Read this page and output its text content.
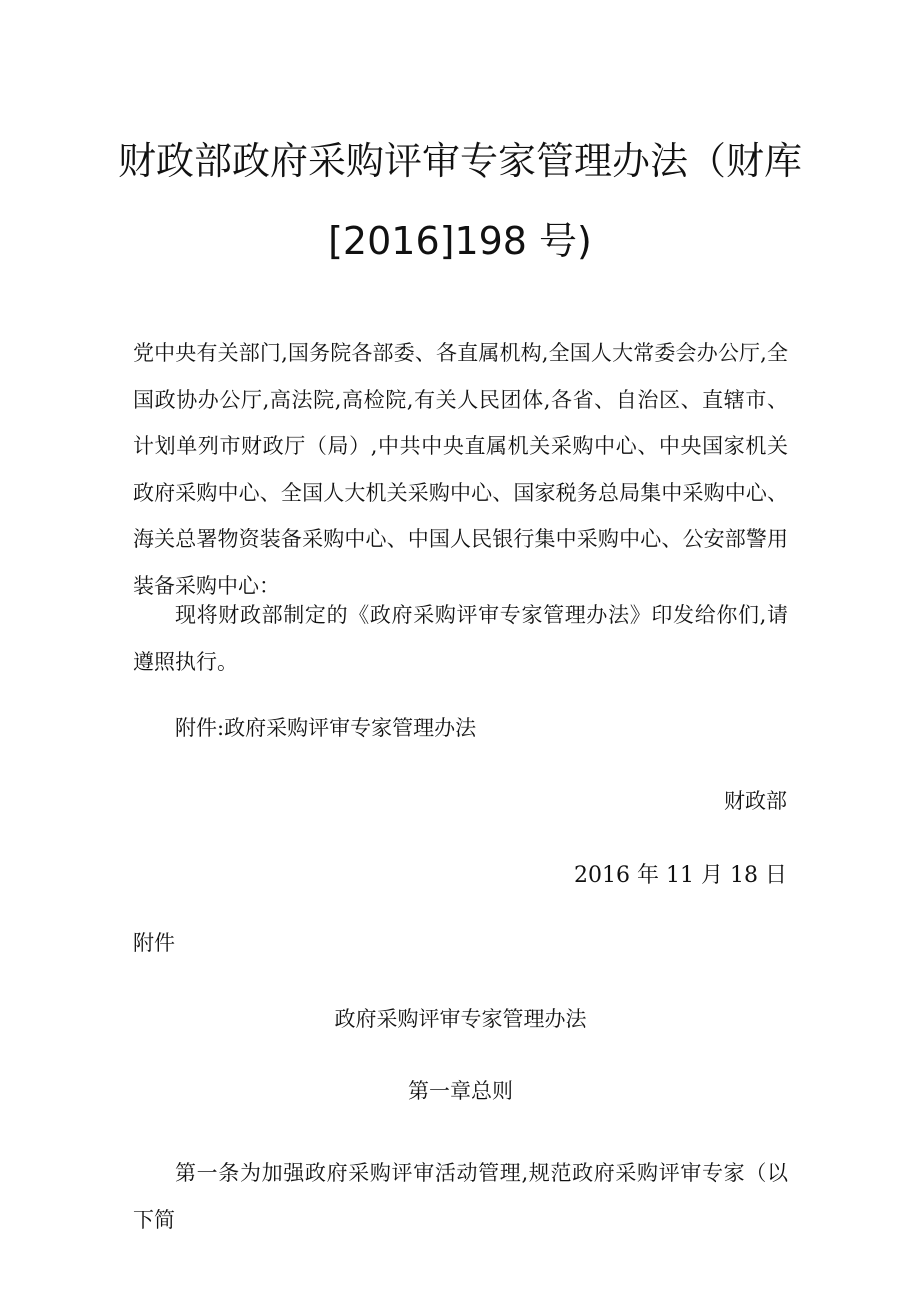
财政部政府采购评审专家管理办法（财库
[2016]198 号)
党中央有关部门,国务院各部委、各直属机构,全国人大常委会办公厅,全国政协办公厅,高法院,高检院,有关人民团体,各省、自治区、直辖市、计划单列市财政厅（局）,中共中央直属机关采购中心、中央国家机关政府采购中心、全国人大机关采购中心、国家税务总局集中采购中心、海关总署物资装备采购中心、中国人民银行集中采购中心、公安部警用装备采购中心：
现将财政部制定的《政府采购评审专家管理办法》印发给你们,请遵照执行。
附件:政府采购评审专家管理办法
财政部
2016 年 11 月 18 日
附件
政府采购评审专家管理办法
第一章总则
第一条为加强政府采购评审活动管理,规范政府采购评审专家（以下简
